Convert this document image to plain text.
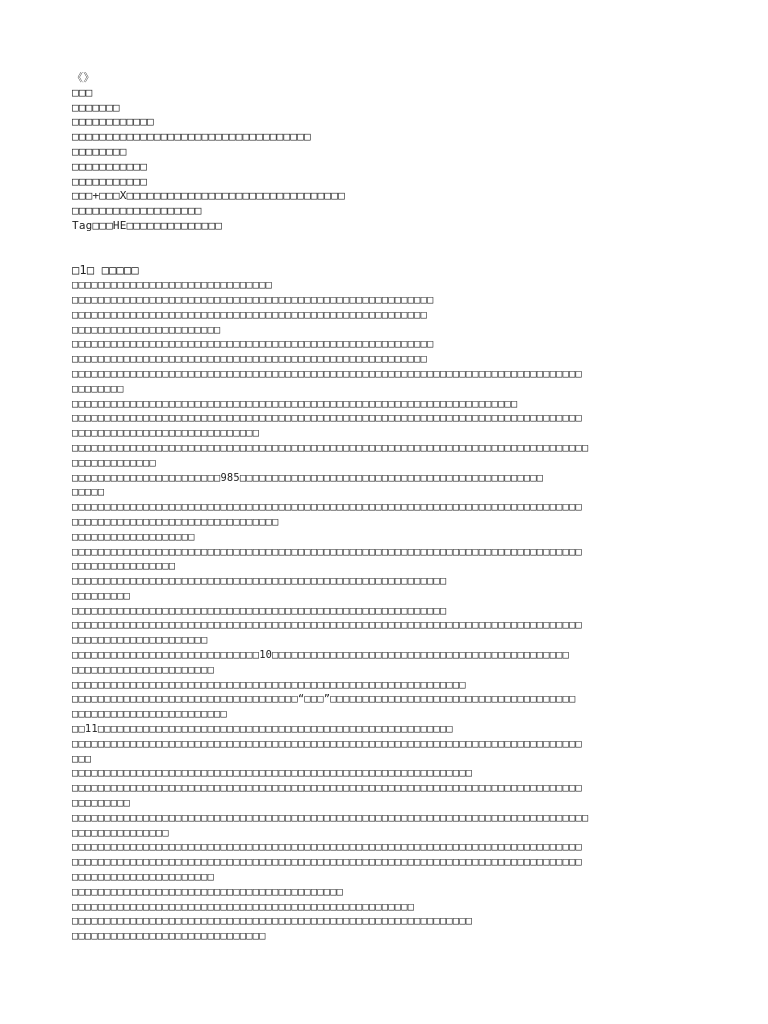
《》
□□□
□□□□□□□
□□□□□□□□□□□□
□□□□□□□□□□□□□□□□□□□□□□□□□□□□□□□□□□□
□□□□□□□□
□□□□□□□□□□□
□□□□□□□□□□□
□□□+□□□X□□□□□□□□□□□□□□□□□□□□□□□□□□□□□□□□
□□□□□□□□□□□□□□□□□□□
Tag□□□HE□□□□□□□□□□□□□□
□1□ □□□□□
□□□□□□□□□□□□□□□□□□□□□□□□□□□□□□□
□□□□□□□□□□□□□□□□□□□□□□□□□□□□□□□□□□□□□□□□□□□□□□□□□□□□□□□□
□□□□□□□□□□□□□□□□□□□□□□□□□□□□□□□□□□□□□□□□□□□□□□□□□□□□□□□
□□□□□□□□□□□□□□□□□□□□□□□
□□□□□□□□□□□□□□□□□□□□□□□□□□□□□□□□□□□□□□□□□□□□□□□□□□□□□□□□
□□□□□□□□□□□□□□□□□□□□□□□□□□□□□□□□□□□□□□□□□□□□□□□□□□□□□□□
□□□□□□□□□□□□□□□□□□□□□□□□□□□□□□□□□□□□□□□□□□□□□□□□□□□□□□□□□□□□□□□□□□□□□□□□□□□□□□□
□□□□□□□□
□□□□□□□□□□□□□□□□□□□□□□□□□□□□□□□□□□□□□□□□□□□□□□□□□□□□□□□□□□□□□□□□□□□□□
□□□□□□□□□□□□□□□□□□□□□□□□□□□□□□□□□□□□□□□□□□□□□□□□□□□□□□□□□□□□□□□□□□□□□□□□□□□□□□□
□□□□□□□□□□□□□□□□□□□□□□□□□□□□□
□□□□□□□□□□□□□□□□□□□□□□□□□□□□□□□□□□□□□□□□□□□□□□□□□□□□□□□□□□□□□□□□□□□□□□□□□□□□□□□□
□□□□□□□□□□□□□
□□□□□□□□□□□□□□□□□□□□□□□985□□□□□□□□□□□□□□□□□□□□□□□□□□□□□□□□□□□□□□□□□□□□□□□
□□□□□
□□□□□□□□□□□□□□□□□□□□□□□□□□□□□□□□□□□□□□□□□□□□□□□□□□□□□□□□□□□□□□□□□□□□□□□□□□□□□□□
□□□□□□□□□□□□□□□□□□□□□□□□□□□□□□□□
□□□□□□□□□□□□□□□□□□□
□□□□□□□□□□□□□□□□□□□□□□□□□□□□□□□□□□□□□□□□□□□□□□□□□□□□□□□□□□□□□□□□□□□□□□□□□□□□□□□
□□□□□□□□□□□□□□□□
□□□□□□□□□□□□□□□□□□□□□□□□□□□□□□□□□□□□□□□□□□□□□□□□□□□□□□□□□□
□□□□□□□□□
□□□□□□□□□□□□□□□□□□□□□□□□□□□□□□□□□□□□□□□□□□□□□□□□□□□□□□□□□□
□□□□□□□□□□□□□□□□□□□□□□□□□□□□□□□□□□□□□□□□□□□□□□□□□□□□□□□□□□□□□□□□□□□□□□□□□□□□□□□
□□□□□□□□□□□□□□□□□□□□□
□□□□□□□□□□□□□□□□□□□□□□□□□□□□□10□□□□□□□□□□□□□□□□□□□□□□□□□□□□□□□□□□□□□□□□□□□□□□
□□□□□□□□□□□□□□□□□□□□□□
□□□□□□□□□□□□□□□□□□□□□□□□□□□□□□□□□□□□□□□□□□□□□□□□□□□□□□□□□□□□□
□□□□□□□□□□□□□□□□□□□□□□□□□□□□□□□□□□□“□□□”□□□□□□□□□□□□□□□□□□□□□□□□□□□□□□□□□□□□□□
□□□□□□□□□□□□□□□□□□□□□□□□
□□11□□□□□□□□□□□□□□□□□□□□□□□□□□□□□□□□□□□□□□□□□□□□□□□□□□□□□□□
□□□□□□□□□□□□□□□□□□□□□□□□□□□□□□□□□□□□□□□□□□□□□□□□□□□□□□□□□□□□□□□□□□□□□□□□□□□□□□□
□□□
□□□□□□□□□□□□□□□□□□□□□□□□□□□□□□□□□□□□□□□□□□□□□□□□□□□□□□□□□□□□□□
□□□□□□□□□□□□□□□□□□□□□□□□□□□□□□□□□□□□□□□□□□□□□□□□□□□□□□□□□□□□□□□□□□□□□□□□□□□□□□□
□□□□□□□□□
□□□□□□□□□□□□□□□□□□□□□□□□□□□□□□□□□□□□□□□□□□□□□□□□□□□□□□□□□□□□□□□□□□□□□□□□□□□□□□□□
□□□□□□□□□□□□□□□
□□□□□□□□□□□□□□□□□□□□□□□□□□□□□□□□□□□□□□□□□□□□□□□□□□□□□□□□□□□□□□□□□□□□□□□□□□□□□□□
□□□□□□□□□□□□□□□□□□□□□□□□□□□□□□□□□□□□□□□□□□□□□□□□□□□□□□□□□□□□□□□□□□□□□□□□□□□□□□□
□□□□□□□□□□□□□□□□□□□□□□
□□□□□□□□□□□□□□□□□□□□□□□□□□□□□□□□□□□□□□□□□□
□□□□□□□□□□□□□□□□□□□□□□□□□□□□□□□□□□□□□□□□□□□□□□□□□□□□□
□□□□□□□□□□□□□□□□□□□□□□□□□□□□□□□□□□□□□□□□□□□□□□□□□□□□□□□□□□□□□□
□□□□□□□□□□□□□□□□□□□□□□□□□□□□□□
